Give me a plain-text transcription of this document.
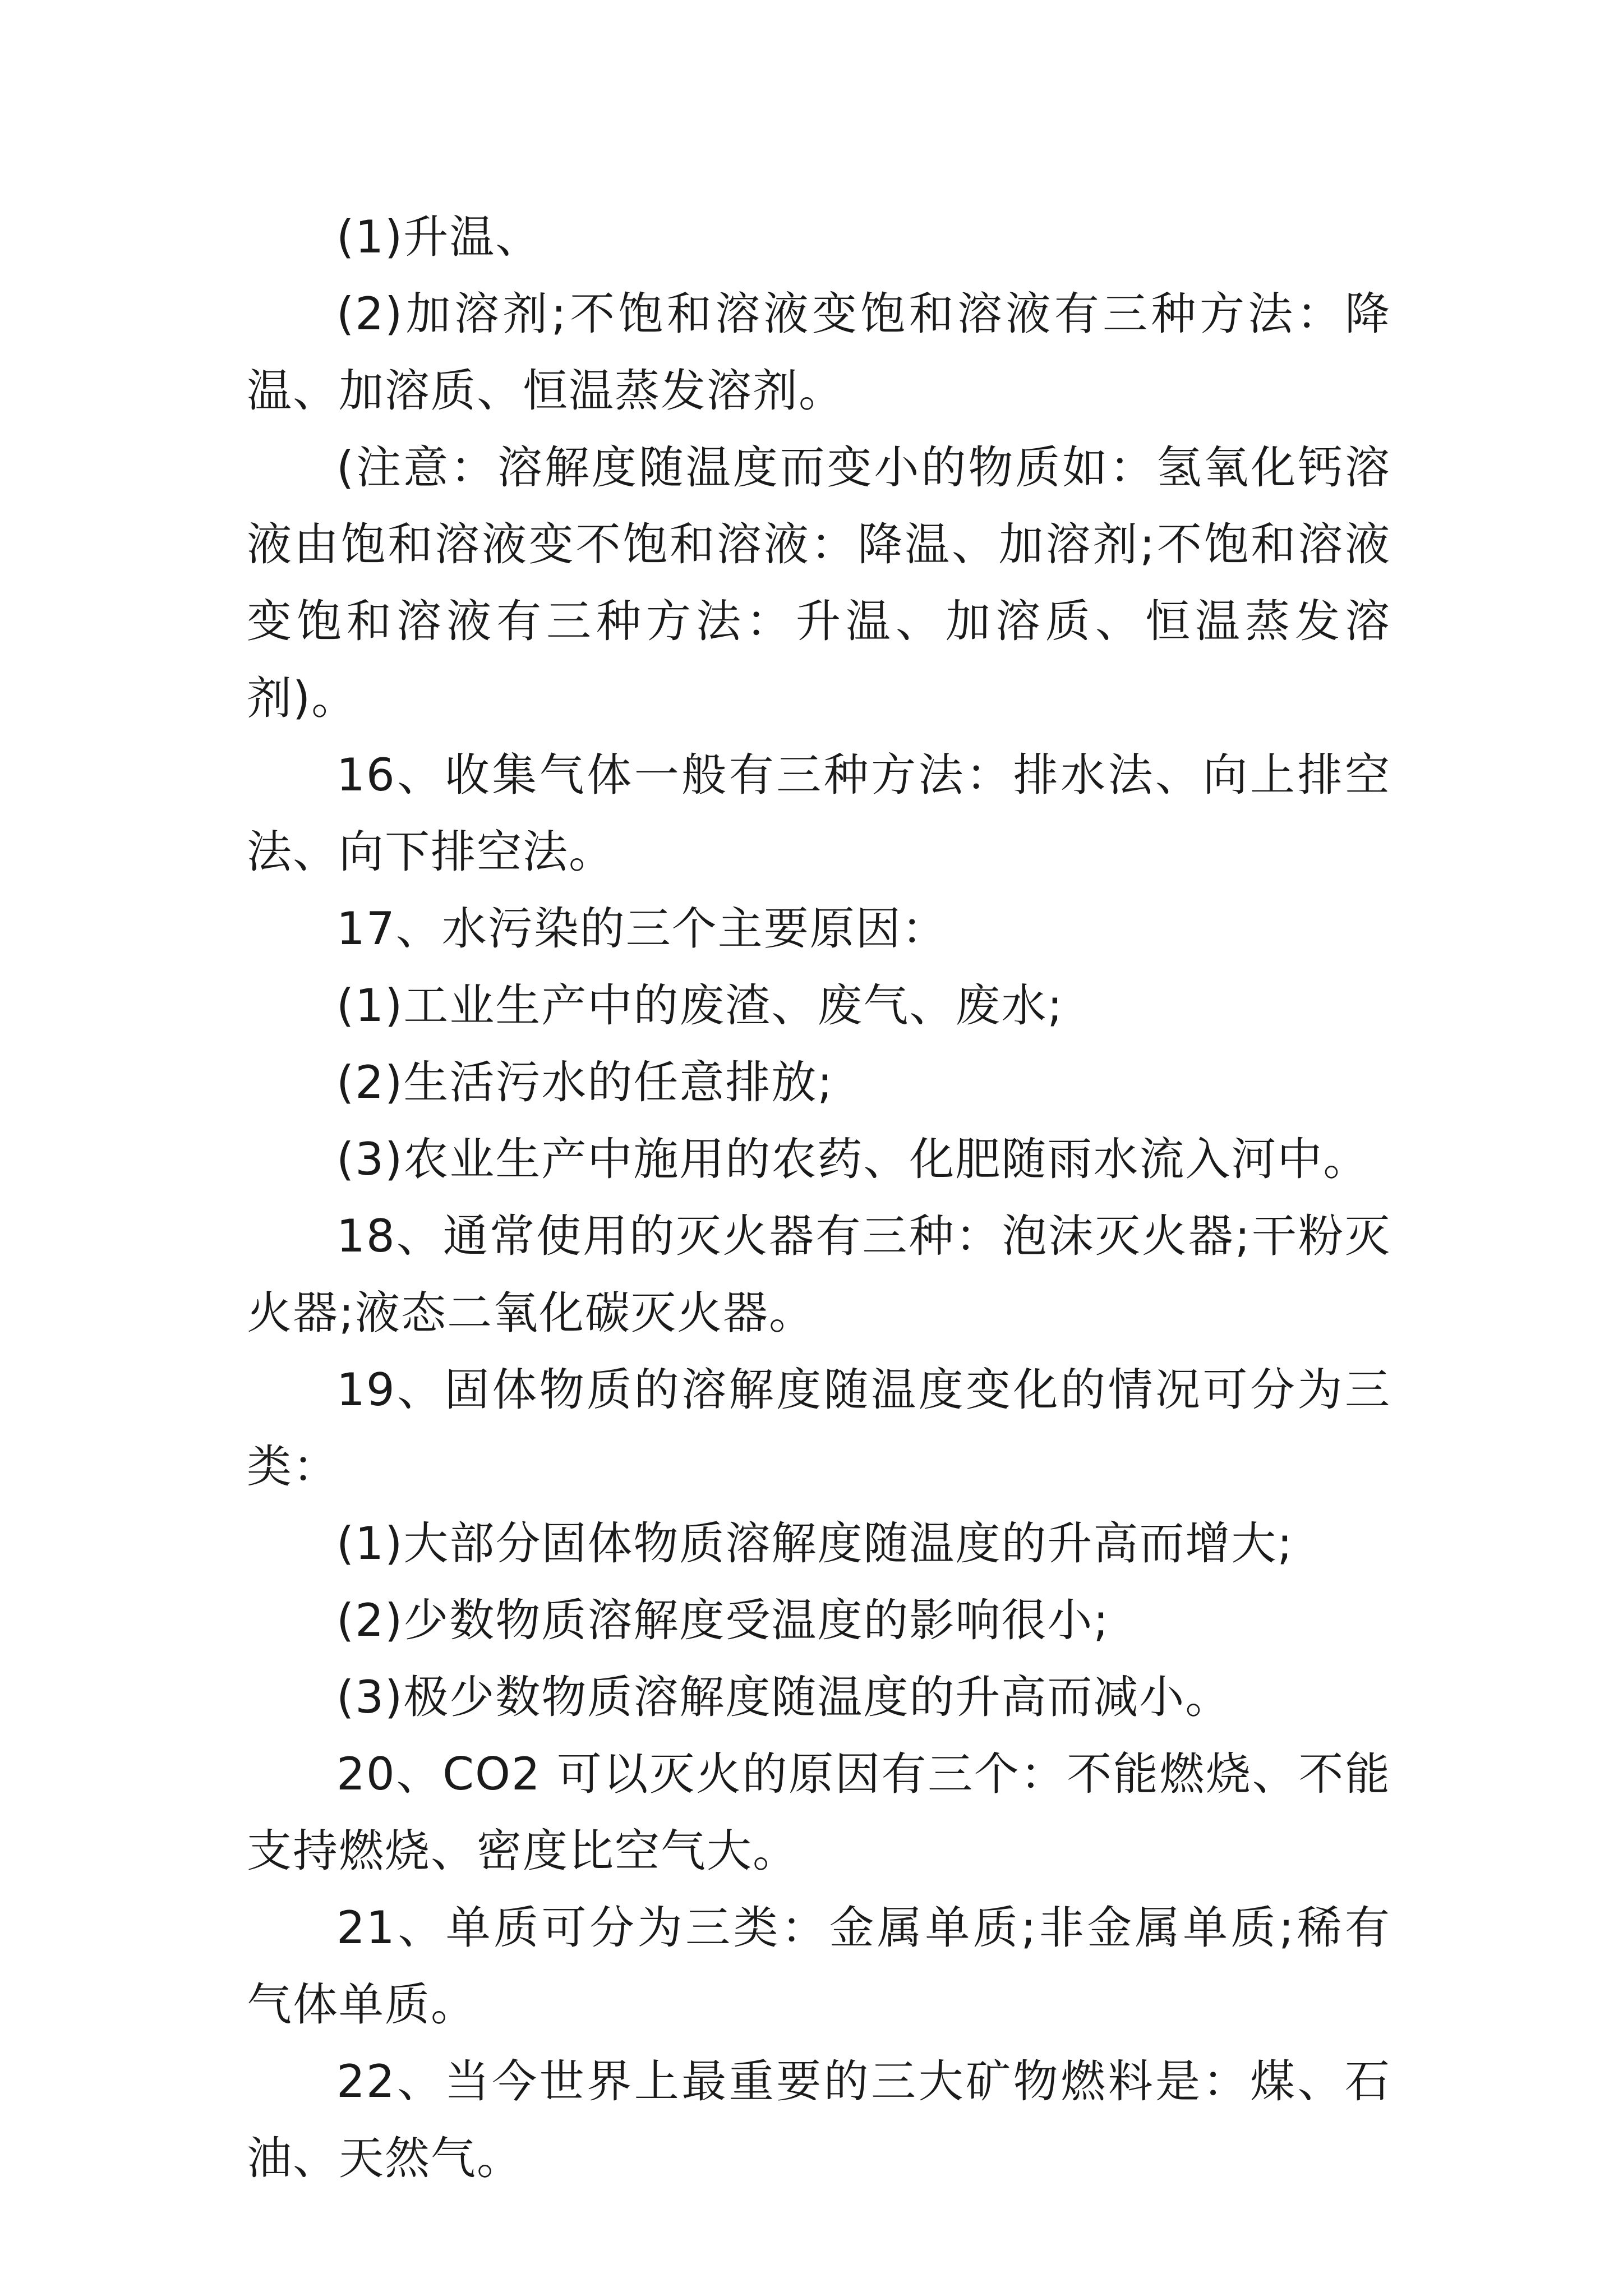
(1)升温、

(2)加溶剂;不饱和溶液变饱和溶液有三种方法：降温、加溶质、恒温蒸发溶剂。

(注意：溶解度随温度而变小的物质如：氢氧化钙溶液由饱和溶液变不饱和溶液：降温、加溶剂;不饱和溶液变饱和溶液有三种方法：升温、加溶质、恒温蒸发溶剂)。

16、收集气体一般有三种方法：排水法、向上排空法、向下排空法。

17、水污染的三个主要原因：

(1)工业生产中的废渣、废气、废水;

(2)生活污水的任意排放;

(3)农业生产中施用的农药、化肥随雨水流入河中。

18、通常使用的灭火器有三种：泡沫灭火器;干粉灭火器;液态二氧化碳灭火器。

19、固体物质的溶解度随温度变化的情况可分为三类：

(1)大部分固体物质溶解度随温度的升高而增大;

(2)少数物质溶解度受温度的影响很小;

(3)极少数物质溶解度随温度的升高而减小。

20、CO2 可以灭火的原因有三个：不能燃烧、不能支持燃烧、密度比空气大。

21、单质可分为三类：金属单质;非金属单质;稀有气体单质。

22、当今世界上最重要的三大矿物燃料是：煤、石油、天然气。
